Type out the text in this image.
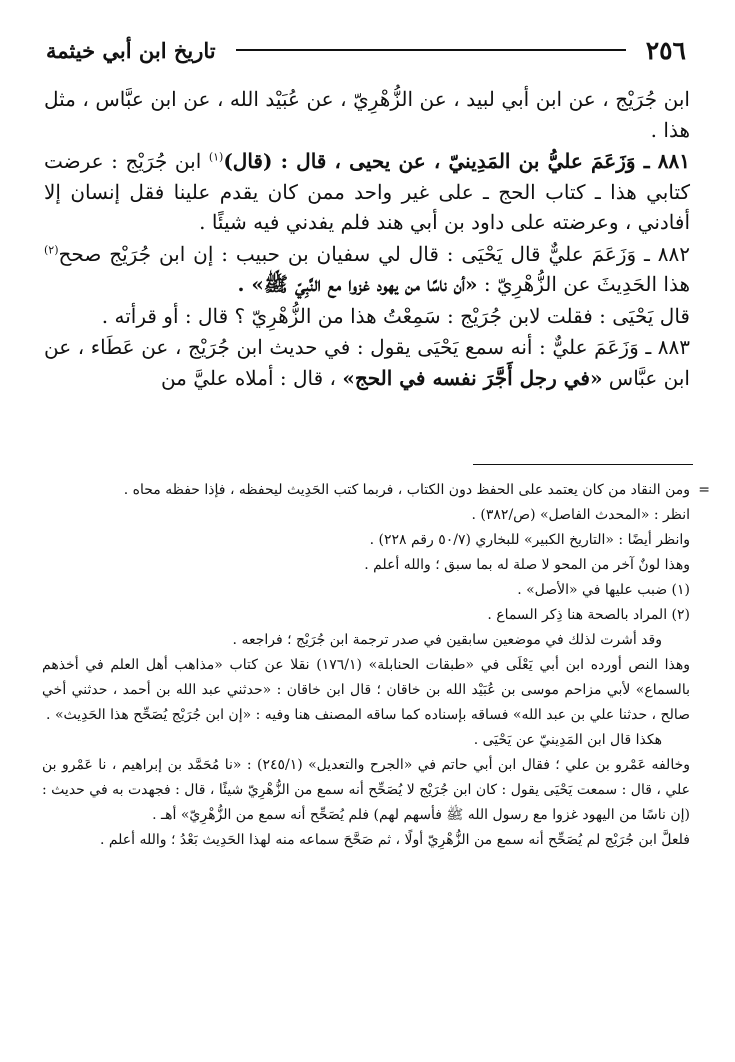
٢٥٦
تاريخ ابن أبي خيثمة

ابن جُرَيْج ، عن ابن أبي لبيد ، عن الزُّهْرِيّ ، عن عُبَيْد الله ، عن ابن عبَّاس ، مثل هذا .

٨٨١ ـ وَزَعَمَ عليُّ بن المَدِينيّ ، عن يحيى ، قال : (قال)$^{(١)}$ ابن جُرَيْج : عرضت كتابي هذا ـ كتاب الحج ـ على غير واحد ممن كان يقدم علينا فقل إنسان إلا أفادني ، وعرضته على داود بن أبي هند فلم يفدني فيه شيئًا .

٨٨٢ ـ وَزَعَمَ عليٌّ قال يَحْيَى : قال لي سفيان بن حبيب : إن ابن جُرَيْج صحح$^{(٢)}$ هذا الحَدِيثَ عن الزُّهْرِيّ : «أن ناسًا من يهود غزوا مع النَّبِيّ ﷺ» .

قال يَحْيَى : فقلت لابن جُرَيْج : سَمِعْتُ هذا من الزُّهْرِيّ ؟ قال : أو قرأته .

٨٨٣ ـ وَزَعَمَ عليٌّ : أنه سمع يَحْيَى يقول : في حديث ابن جُرَيْج ، عن عَطَاء ، عن ابن عبَّاس «في رجل أَجَّرَ نفسه في الحج» ، قال : أملاه عليَّ من

=
ومن النقاد من كان يعتمد على الحفظ دون الكتاب ، فربما كتب الحَدِيث ليحفظه ، فإذا حفظه محاه .

انظر : «المحدث الفاصل» (ص/٣٨٢) .

وانظر أيضًا : «التاريخ الكبير» للبخاري (٥٠/٧ رقم ٢٢٨) .

وهذا لونٌ آخر من المحو لا صلة له بما سبق ؛ والله أعلم .

(١) ضبب عليها في «الأصل» .

(٢) المراد بالصحة هنا ذِكر السماع .

وقد أشرت لذلك في موضعين سابقين في صدر ترجمة ابن جُرَيْج ؛ فراجعه .

وهذا النص أورده ابن أبي يَعْلَى في «طبقات الحنابلة» (١٧٦/١) نقلا عن كتاب «مذاهب أهل العلم في أخذهم بالسماع» لأبي مزاحم موسى بن عُبَيْد الله بن خاقان ؛ قال ابن خاقان : «حدثني عبد الله بن أحمد ، حدثني أخي صالح ، حدثنا علي بن عبد الله» فساقه بإسناده كما ساقه المصنف هنا وفيه : «إن ابن جُرَيْج يُصَحِّح هذا الحَدِيث» .

هكذا قال ابن المَدِينيّ عن يَحْيَى .

وخالفه عَمْرو بن علي ؛ فقال ابن أبي حاتم في «الجرح والتعديل» (٢٤٥/١) : «نا مُحَمَّد بن إبراهيم ، نا عَمْرو بن علي ، قال : سمعت يَحْيَى يقول : كان ابن جُرَيْج لا يُصَحِّح أنه سمع من الزُّهْرِيّ شيئًا ، قال : فجهدت به في حديث : (إن ناسًا من اليهود غزوا مع رسول الله ﷺ فأسهم لهم) فلم يُصَحِّح أنه سمع من الزُّهْرِيّ» أهـ .

فلعلَّ ابن جُرَيْج لم يُصَحِّح أنه سمع من الزُّهْرِيّ أولًا ، ثم صَحَّحَ سماعه منه لهذا الحَدِيث بَعْدُ ؛ والله أعلم .
